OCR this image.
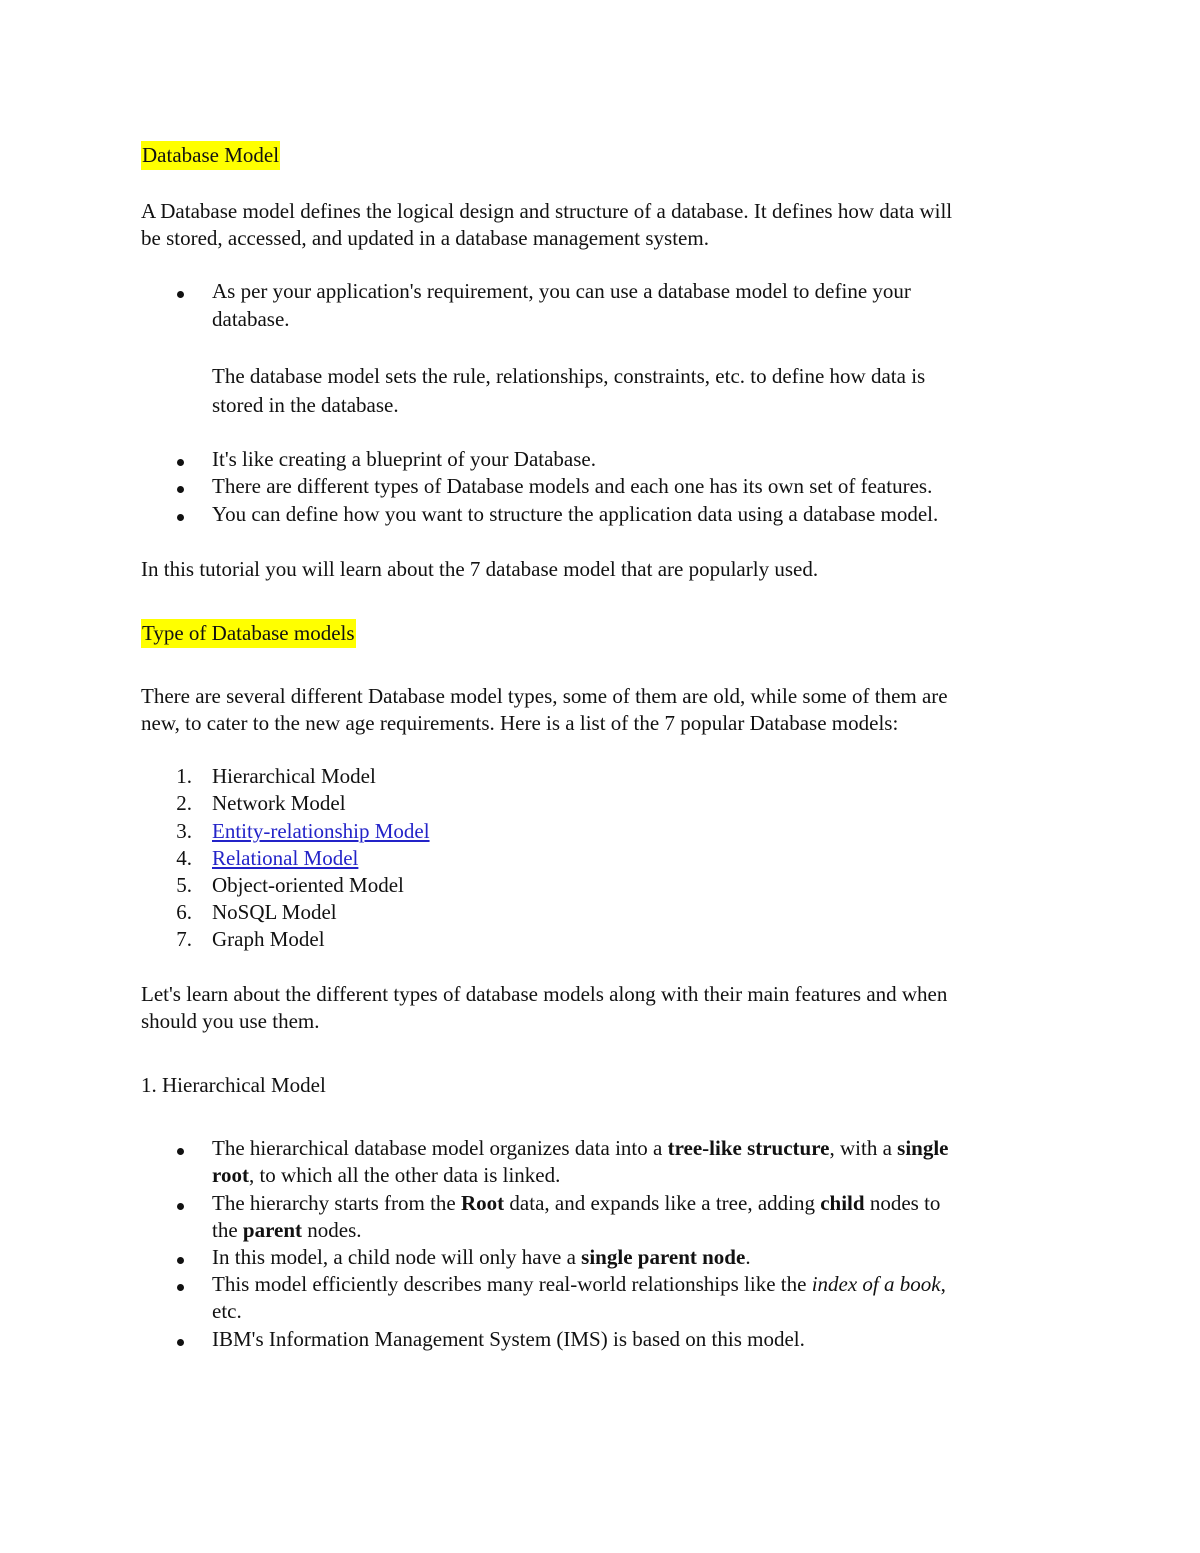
Database Model

A Database model defines the logical design and structure of a database. It defines how data will

be stored, accessed, and updated in a database management system.

As per your application's requirement, you can use a database model to define your

database.

The database model sets the rule, relationships, constraints, etc. to define how data is

stored in the database.

It's like creating a blueprint of your Database.

There are different types of Database models and each one has its own set of features.

You can define how you want to structure the application data using a database model.

In this tutorial you will learn about the 7 database model that are popularly used.

Type of Database models

There are several different Database model types, some of them are old, while some of them are

new, to cater to the new age requirements. Here is a list of the 7 popular Database models:

1. Hierarchical Model

2. Network Model

3. Entity-relationship Model

4. Relational Model

5. Object-oriented Model

6. NoSQL Model

7. Graph Model

Let's learn about the different types of database models along with their main features and when

should you use them.

1. Hierarchical Model

The hierarchical database model organizes data into a tree-like structure, with a single

root, to which all the other data is linked.

The hierarchy starts from the Root data, and expands like a tree, adding child nodes to

the parent nodes.

In this model, a child node will only have a single parent node.

This model efficiently describes many real-world relationships like the index of a book,

etc.

IBM's Information Management System (IMS) is based on this model.
